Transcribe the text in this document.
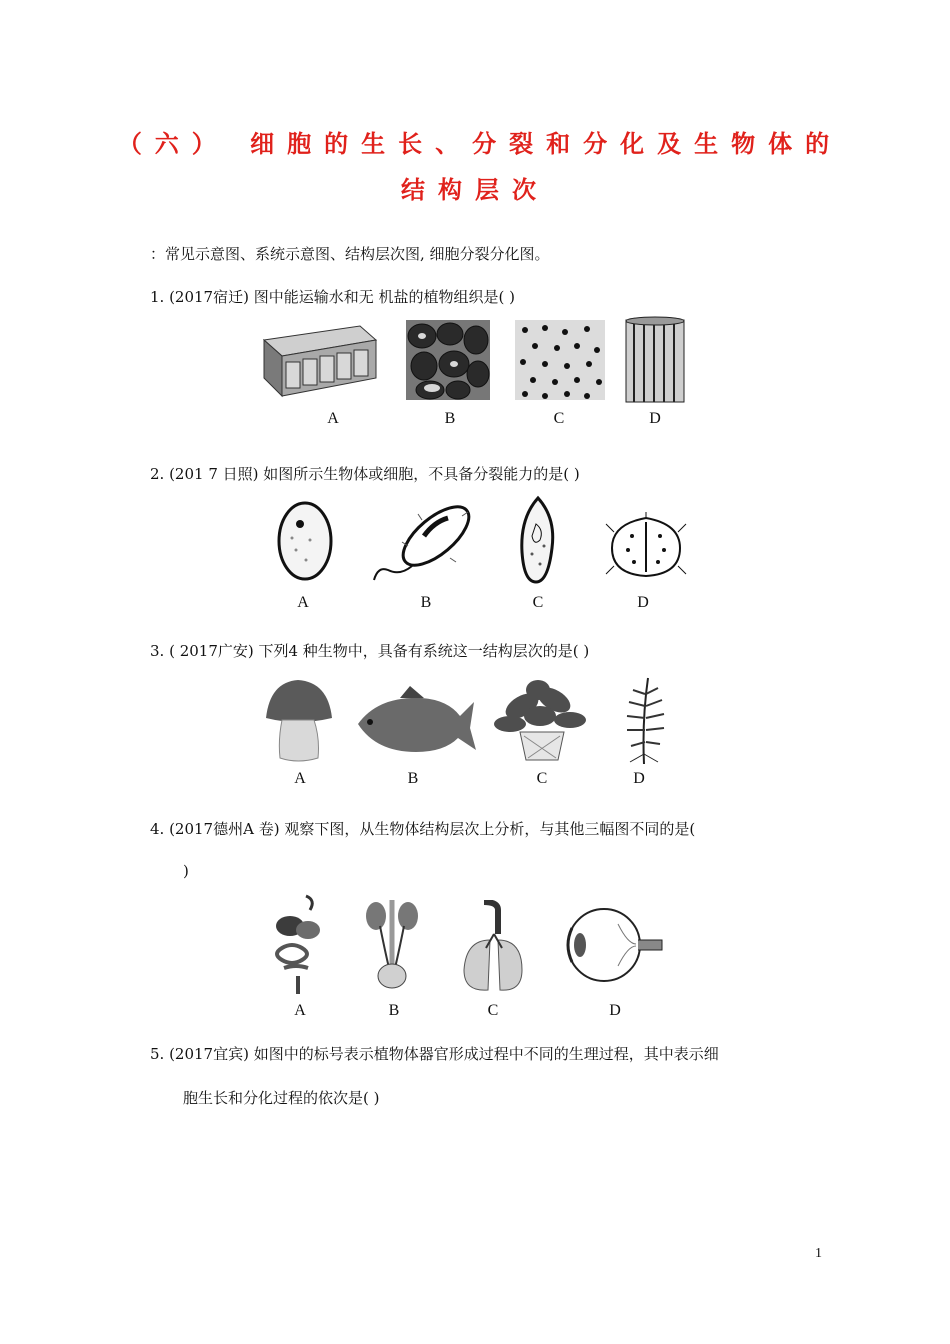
（六） 细胞的生长、分裂和分化及生物体的
结构层次
：常见示意图、系统示意图、结构层次图, 细胞分裂分化图。
1. (2017宿迁) 图中能运输水和无 机盐的植物组织是( )
A	B	C	D
2. (201 7 日照) 如图所示生物体或细胞，不具备分裂能力的是( )
A	B	C	D
3. ( 2017广安) 下列4 种生物中，具备有系统这一结构层次的是( )
A	B	C	D
4. (2017德州A 卷) 观察下图，从生物体结构层次上分析，与其他三幅图不同的是(
)
A	B	C	D
5. (2017宜宾) 如图中的标号表示植物体器官形成过程中不同的生理过程，其中表示细
胞生长和分化过程的依次是( )
1
